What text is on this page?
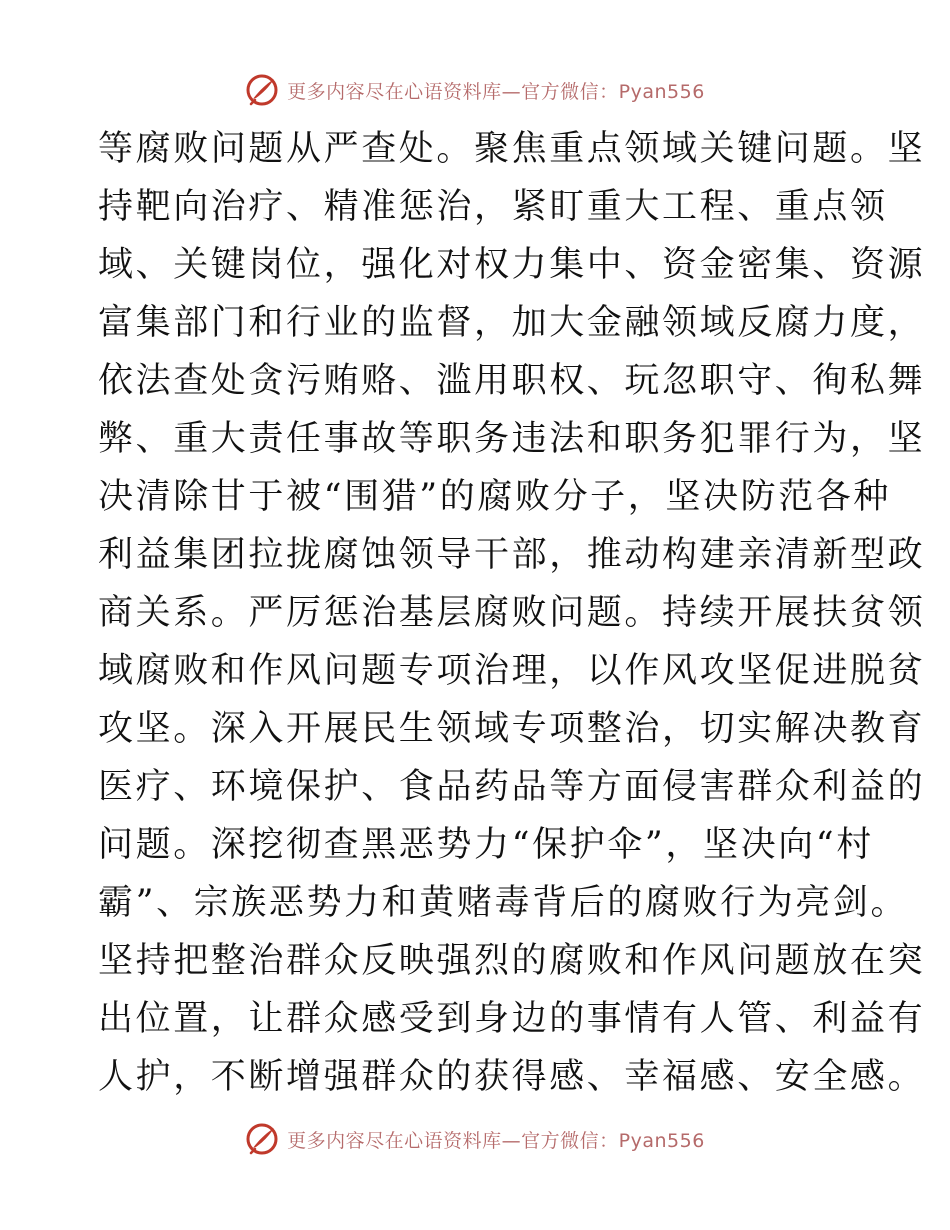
更多内容尽在心语资料库—官方微信：Pyan556
等腐败问题从严查处。聚焦重点领域关键问题。坚
持靶向治疗、精准惩治，紧盯重大工程、重点领
域、关键岗位，强化对权力集中、资金密集、资源
富集部门和行业的监督，加大金融领域反腐力度，
依法查处贪污贿赂、滥用职权、玩忽职守、徇私舞
弊、重大责任事故等职务违法和职务犯罪行为，坚
决清除甘于被“围猎”的腐败分子，坚决防范各种
利益集团拉拢腐蚀领导干部，推动构建亲清新型政
商关系。严厉惩治基层腐败问题。持续开展扶贫领
域腐败和作风问题专项治理，以作风攻坚促进脱贫
攻坚。深入开展民生领域专项整治，切实解决教育
医疗、环境保护、食品药品等方面侵害群众利益的
问题。深挖彻查黑恶势力“保护伞”，坚决向“村
霸”、宗族恶势力和黄赌毒背后的腐败行为亮剑。
坚持把整治群众反映强烈的腐败和作风问题放在突
出位置，让群众感受到身边的事情有人管、利益有
人护，不断增强群众的获得感、幸福感、安全感。
更多内容尽在心语资料库—官方微信：Pyan556
